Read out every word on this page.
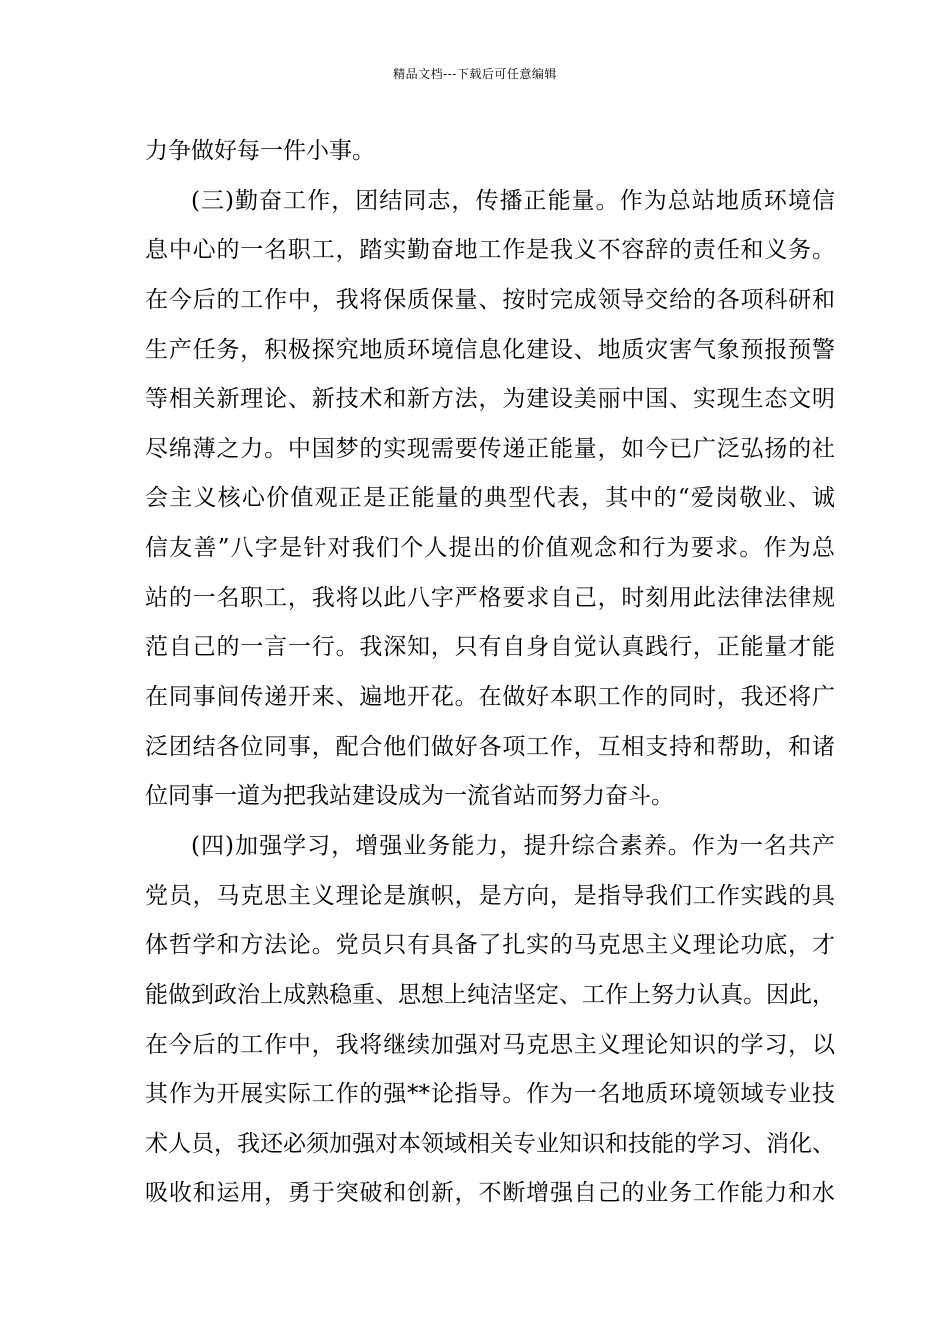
精品文档---下载后可任意编辑
力争做好每一件小事。
(三)勤奋工作，团结同志，传播正能量。作为总站地质环境信
息中心的一名职工，踏实勤奋地工作是我义不容辞的责任和义务。
在今后的工作中，我将保质保量、按时完成领导交给的各项科研和
生产任务，积极探究地质环境信息化建设、地质灾害气象预报预警
等相关新理论、新技术和新方法，为建设美丽中国、实现生态文明
尽绵薄之力。中国梦的实现需要传递正能量，如今已广泛弘扬的社
会主义核心价值观正是正能量的典型代表，其中的“爱岗敬业、诚
信友善”八字是针对我们个人提出的价值观念和行为要求。作为总
站的一名职工，我将以此八字严格要求自己，时刻用此法律法律规
范自己的一言一行。我深知，只有自身自觉认真践行，正能量才能
在同事间传递开来、遍地开花。在做好本职工作的同时，我还将广
泛团结各位同事，配合他们做好各项工作，互相支持和帮助，和诸
位同事一道为把我站建设成为一流省站而努力奋斗。
(四)加强学习，增强业务能力，提升综合素养。作为一名共产
党员，马克思主义理论是旗帜，是方向，是指导我们工作实践的具
体哲学和方法论。党员只有具备了扎实的马克思主义理论功底，才
能做到政治上成熟稳重、思想上纯洁坚定、工作上努力认真。因此，
在今后的工作中，我将继续加强对马克思主义理论知识的学习，以
其作为开展实际工作的强**论指导。作为一名地质环境领域专业技
术人员，我还必须加强对本领域相关专业知识和技能的学习、消化、
吸收和运用，勇于突破和创新，不断增强自己的业务工作能力和水
